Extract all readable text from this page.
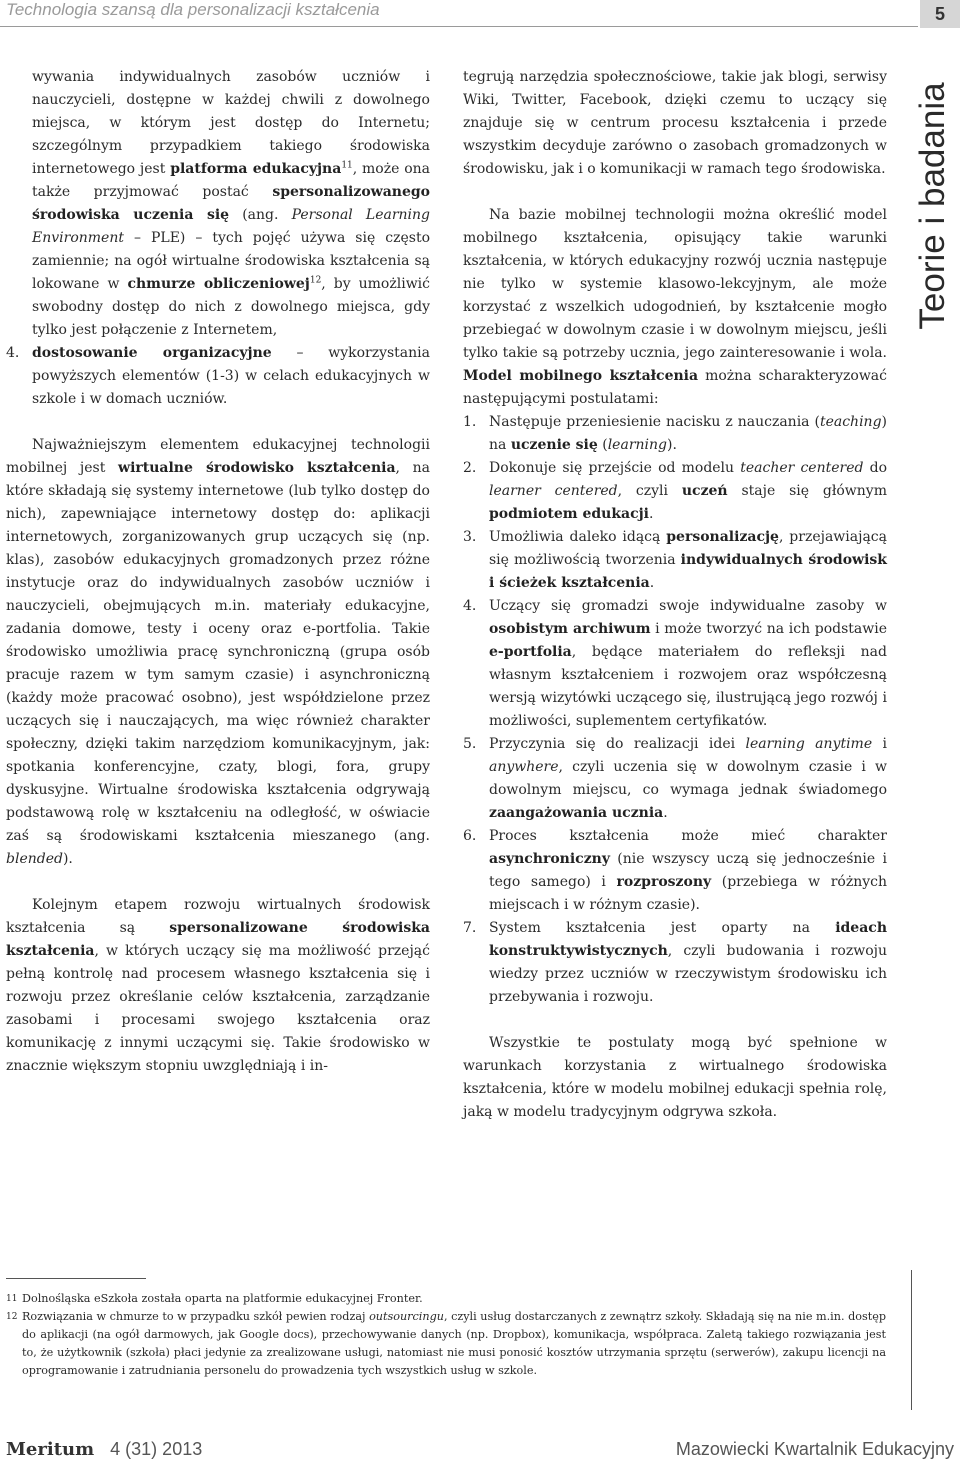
Technologia szansą dla personalizacji kształcenia	5
Teorie i badania

wywania indywidualnych zasobów uczniów i nauczycieli, dostępne w każdej chwili z dowolnego miejsca, w którym jest dostęp do Internetu; szczególnym przypadkiem takiego środowiska internetowego jest platforma edukacyjna$^{11}$, może ona także przyjmować postać spersonalizowanego środowiska uczenia się (ang. Personal Learning Environment – PLE) – tych pojęć używa się często zamiennie; na ogół wirtualne środowiska kształcenia są lokowane w chmurze obliczeniowej$^{12}$, by umożliwić swobodny dostęp do nich z dowolnego miejsca, gdy tylko jest połączenie z Internetem,

4. dostosowanie organizacyjne – wykorzystania powyższych elementów (1-3) w celach edukacyjnych w szkole i w domach uczniów.

Najważniejszym elementem edukacyjnej technologii mobilnej jest wirtualne środowisko kształcenia, na które składają się systemy internetowe (lub tylko dostęp do nich), zapewniające internetowy dostęp do: aplikacji internetowych, zorganizowanych grup uczących się (np. klas), zasobów edukacyjnych gromadzonych przez różne instytucje oraz do indywidualnych zasobów uczniów i nauczycieli, obejmujących m.in. materiały edukacyjne, zadania domowe, testy i oceny oraz e-portfolia. Takie środowisko umożliwia pracę synchroniczną (grupa osób pracuje razem w tym samym czasie) i asynchroniczną (każdy może pracować osobno), jest współdzielone przez uczących się i nauczających, ma więc również charakter społeczny, dzięki takim narzędziom komunikacyjnym, jak: spotkania konferencyjne, czaty, blogi, fora, grupy dyskusyjne. Wirtualne środowiska kształcenia odgrywają podstawową rolę w kształceniu na odległość, w oświacie zaś są środowiskami kształcenia mieszanego (ang. blended).

Kolejnym etapem rozwoju wirtualnych środowisk kształcenia są spersonalizowane środowiska kształcenia, w których uczący się ma możliwość przejąć pełną kontrolę nad procesem własnego kształcenia się i rozwoju przez określanie celów kształcenia, zarządzanie zasobami i procesami swojego kształcenia oraz komunikację z innymi uczącymi się. Takie środowisko w znacznie większym stopniu uwzględniają i in-

tegrują narzędzia społecznościowe, takie jak blogi, serwisy Wiki, Twitter, Facebook, dzięki czemu to uczący się znajduje się w centrum procesu kształcenia i przede wszystkim decyduje zarówno o zasobach gromadzonych w środowisku, jak i o komunikacji w ramach tego środowiska.

Na bazie mobilnej technologii można określić model mobilnego kształcenia, opisujący takie warunki kształcenia, w których edukacyjny rozwój ucznia następuje nie tylko w systemie klasowo-lekcyjnym, ale może korzystać z wszelkich udogodnień, by kształcenie mogło przebiegać w dowolnym czasie i w dowolnym miejscu, jeśli tylko takie są potrzeby ucznia, jego zainteresowanie i wola. Model mobilnego kształcenia można scharakteryzować następującymi postulatami:

1. Następuje przeniesienie nacisku z nauczania (teaching) na uczenie się (learning).
2. Dokonuje się przejście od modelu teacher centered do learner centered, czyli uczeń staje się głównym podmiotem edukacji.
3. Umożliwia daleko idącą personalizację, przejawiającą się możliwością tworzenia indywidualnych środowisk i ścieżek kształcenia.
4. Uczący się gromadzi swoje indywidualne zasoby w osobistym archiwum i może tworzyć na ich podstawie e-portfolia, będące materiałem do refleksji nad własnym kształceniem i rozwojem oraz współczesną wersją wizytówki uczącego się, ilustrującą jego rozwój i możliwości, suplementem certyfikatów.
5. Przyczynia się do realizacji idei learning anytime i anywhere, czyli uczenia się w dowolnym czasie i w dowolnym miejscu, co wymaga jednak świadomego zaangażowania ucznia.
6. Proces kształcenia może mieć charakter asynchroniczny (nie wszyscy uczą się jednocześnie i tego samego) i rozproszony (przebiega w różnych miejscach i w różnym czasie).
7. System kształcenia jest oparty na ideach konstruktywistycznych, czyli budowania i rozwoju wiedzy przez uczniów w rzeczywistym środowisku ich przebywania i rozwoju.

Wszystkie te postulaty mogą być spełnione w warunkach korzystania z wirtualnego środowiska kształcenia, które w modelu mobilnej edukacji spełnia rolę, jaką w modelu tradycyjnym odgrywa szkoła.

11 Dolnośląska eSzkoła została oparta na platformie edukacyjnej Fronter.
12 Rozwiązania w chmurze to w przypadku szkół pewien rodzaj outsourcingu, czyli usług dostarczanych z zewnątrz szkoły. Składają się na nie m.in. dostęp do aplikacji (na ogół darmowych, jak Google docs), przechowywanie danych (np. Dropbox), komunikacja, współpraca. Zaletą takiego rozwiązania jest to, że użytkownik (szkoła) płaci jedynie za zrealizowane usługi, natomiast nie musi ponosić kosztów utrzymania sprzętu (serwerów), zakupu licencji na oprogramowanie i zatrudniania personelu do prowadzenia tych wszystkich usług w szkole.
Meritum 4 (31) 2013	Mazowiecki Kwartalnik Edukacyjny
